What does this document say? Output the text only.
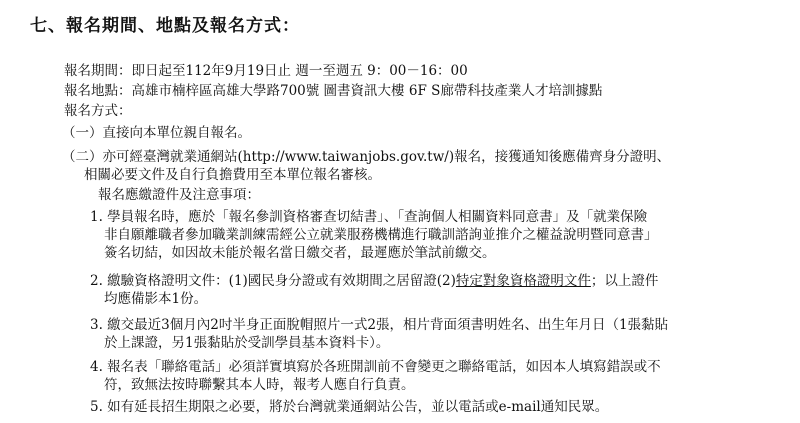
七、報名期間、地點及報名方式：
報名期間：即日起至112年9月19日止 週一至週五 9：00－16：00
報名地點：高雄市楠梓區高雄大學路700號 圖書資訊大樓 6F S廊帶科技產業人才培訓據點
報名方式：
（一）直接向本單位親自報名。
（二）亦可經臺灣就業通網站(http://www.taiwanjobs.gov.tw/)報名，接獲通知後應備齊身分證明、
相關必要文件及自行負擔費用至本單位報名審核。
報名應繳證件及注意事項：
1. 學員報名時，應於「報名參訓資格審查切結書」、「查詢個人相關資料同意書」及「就業保險
非自願離職者參加職業訓練需經公立就業服務機構進行職訓諮詢並推介之權益說明暨同意書」
簽名切結，如因故未能於報名當日繳交者，最遲應於筆試前繳交。
2. 繳驗資格證明文件：(1)國民身分證或有效期間之居留證(2)特定對象資格證明文件；以上證件
均應備影本1份。
3. 繳交最近3個月內2吋半身正面脫帽照片一式2張，相片背面須書明姓名、出生年月日（1張黏貼
於上課證，另1張黏貼於受訓學員基本資料卡）。
4. 報名表「聯絡電話」必須詳實填寫於各班開訓前不會變更之聯絡電話，如因本人填寫錯誤或不
符，致無法按時聯繫其本人時，報考人應自行負責。
5. 如有延長招生期限之必要，將於台灣就業通網站公告，並以電話或e-mail通知民眾。
